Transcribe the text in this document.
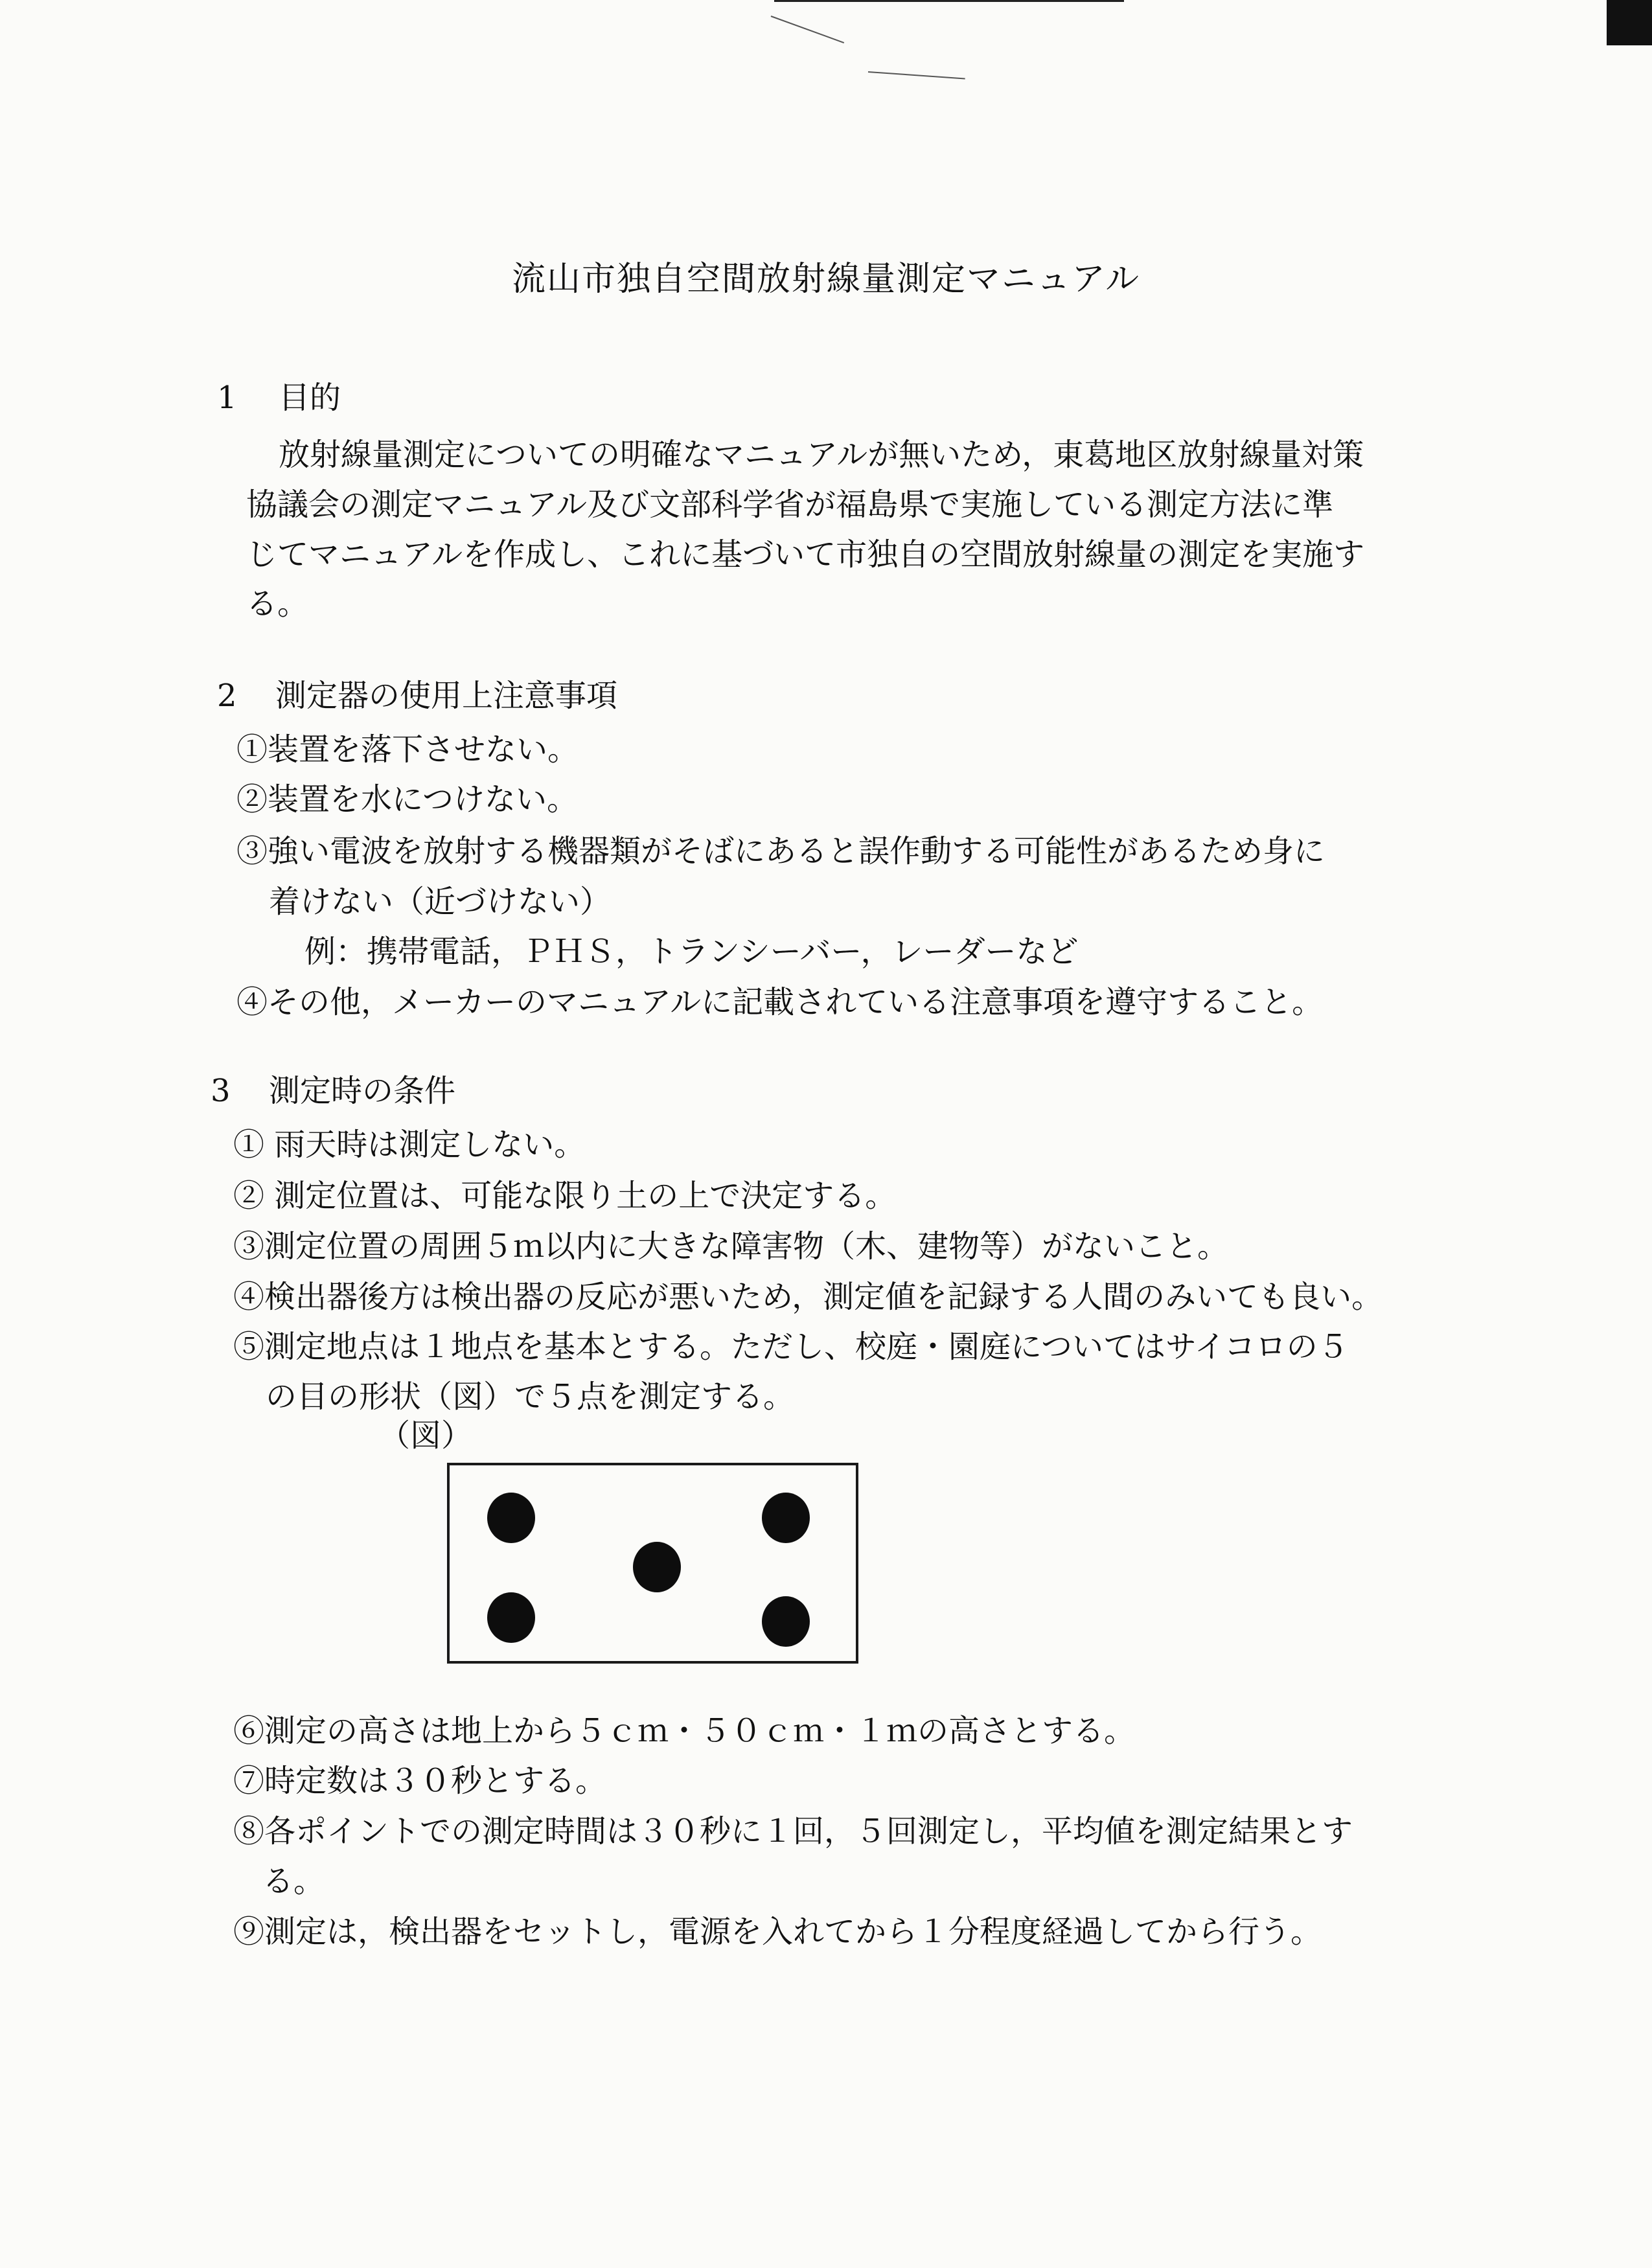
流山市独自空間放射線量測定マニュアル
1 目的
放射線量測定についての明確なマニュアルが無いため，東葛地区放射線量対策
協議会の測定マニュアル及び文部科学省が福島県で実施している測定方法に準
じてマニュアルを作成し、これに基づいて市独自の空間放射線量の測定を実施す
る。
2 測定器の使用上注意事項
①装置を落下させない。
②装置を水につけない。
③強い電波を放射する機器類がそばにあると誤作動する可能性があるため身に
着けない（近づけない）
例：携帯電話，ＰＨＳ，トランシーバー，レーダーなど
④その他，メーカーのマニュアルに記載されている注意事項を遵守すること。
3 測定時の条件
① 雨天時は測定しない。
② 測定位置は、可能な限り土の上で決定する。
③測定位置の周囲５ｍ以内に大きな障害物（木、建物等）がないこと。
④検出器後方は検出器の反応が悪いため，測定値を記録する人間のみいても良い。
⑤測定地点は１地点を基本とする。ただし、校庭・園庭についてはサイコロの５
の目の形状（図）で５点を測定する。
（図）
⑥測定の高さは地上から５ｃｍ・５０ｃｍ・１ｍの高さとする。
⑦時定数は３０秒とする。
⑧各ポイントでの測定時間は３０秒に１回，５回測定し，平均値を測定結果とす
る。
⑨測定は，検出器をセットし，電源を入れてから１分程度経過してから行う。
